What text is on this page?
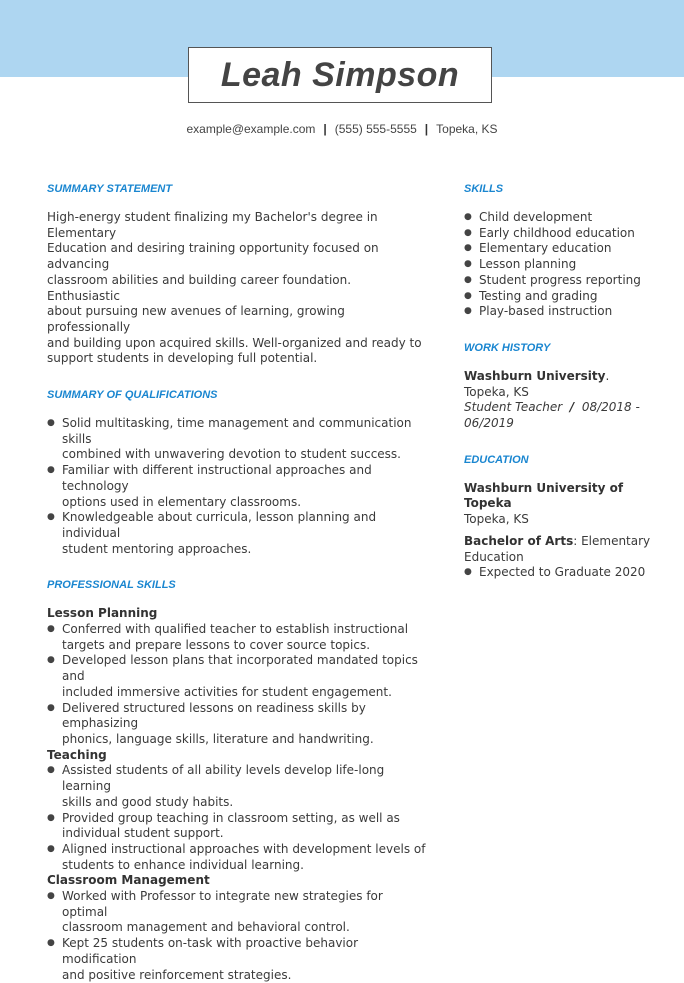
Leah Simpson
example@example.com | (555) 555-5555 | Topeka, KS
SUMMARY STATEMENT
High-energy student finalizing my Bachelor's degree in Elementary
Education and desiring training opportunity focused on advancing
classroom abilities and building career foundation. Enthusiastic
about pursuing new avenues of learning, growing professionally
and building upon acquired skills. Well-organized and ready to
support students in developing full potential.
SUMMARY OF QUALIFICATIONS
● Solid multitasking, time management and communication skills
combined with unwavering devotion to student success.
● Familiar with different instructional approaches and technology
options used in elementary classrooms.
● Knowledgeable about curricula, lesson planning and individual
student mentoring approaches.
PROFESSIONAL SKILLS
Lesson Planning
● Conferred with qualified teacher to establish instructional
targets and prepare lessons to cover source topics.
● Developed lesson plans that incorporated mandated topics and
included immersive activities for student engagement.
● Delivered structured lessons on readiness skills by emphasizing
phonics, language skills, literature and handwriting.
Teaching
● Assisted students of all ability levels develop life-long learning
skills and good study habits.
● Provided group teaching in classroom setting, as well as
individual student support.
● Aligned instructional approaches with development levels of
students to enhance individual learning.
Classroom Management
● Worked with Professor to integrate new strategies for optimal
classroom management and behavioral control.
● Kept 25 students on-task with proactive behavior modification
and positive reinforcement strategies.
SKILLS
● Child development
● Early childhood education
● Elementary education
● Lesson planning
● Student progress reporting
● Testing and grading
● Play-based instruction
WORK HISTORY
Washburn University.
Topeka, KS
Student Teacher / 08/2018 -
06/2019
EDUCATION
Washburn University of
Topeka
Topeka, KS
Bachelor of Arts: Elementary
Education
● Expected to Graduate 2020
